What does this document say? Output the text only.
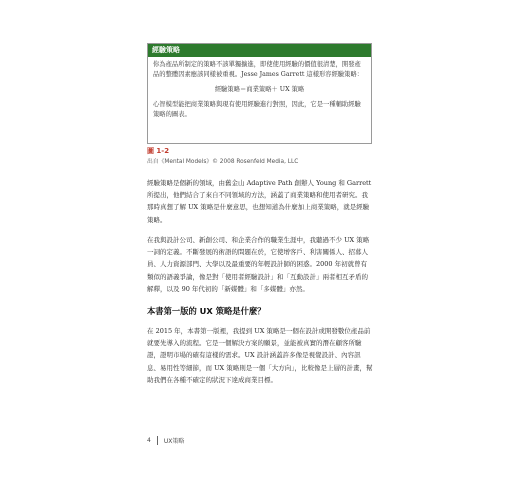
經驗策略
你為產品所制定的策略不該單獨擴進，即使使用經驗的價值很清楚，開發產品的整體因素應該同樣被重視。Jesse James Garrett 這樣形容經驗策略：
經驗策略＝商業策略＋ UX 策略
心智模型能把商業策略與現有使用經驗進行對照，因此，它是一種輔助經驗策略的圖表。
圖 1-2
出自《Mental Models》© 2008 Rosenfeld Media, LLC

經驗策略是個新的領域，由舊金山 Adaptive Path 創辦人 Young 和 Garrett 所提出，他們結合了來自不同領域的方法，涵蓋了商業策略和使用者研究。我那時真想了解 UX 策略是什麼意思，也想知道為什麼加上商業策略，就是經驗策略。

在我與設計公司、新創公司、和企業合作的職業生涯中，我聽過不少 UX 策略一詞的定義。不斷發展的術語的問題在於，它使增客戶、利害關係人、招募人員、人力資源部門、大學以及最重要的年輕設計師的困惑。2000 年初就曾有類似的語義爭論，像是對「使用者經驗設計」和「互動設計」兩者相互矛盾的解釋，以及 90 年代初的「新媒體」和「多媒體」亦然。

本書第一版的 UX 策略是什麼？

在 2015 年，本書第一版裡，我提到 UX 策略是一個在設計或開發數位產品前就要先導入的流程。它是一個解決方案的願景，並能被真實的潛在顧客所驗證，證明市場的確有這樣的需求。UX 設計涵蓋許多像是視覺設計、內容訊息、易用性等細節，而 UX 策略則是一個「大方向」，比較像是上層的計畫，幫助我們在各種不確定的狀況下達成商業目標。

4 UX策略
